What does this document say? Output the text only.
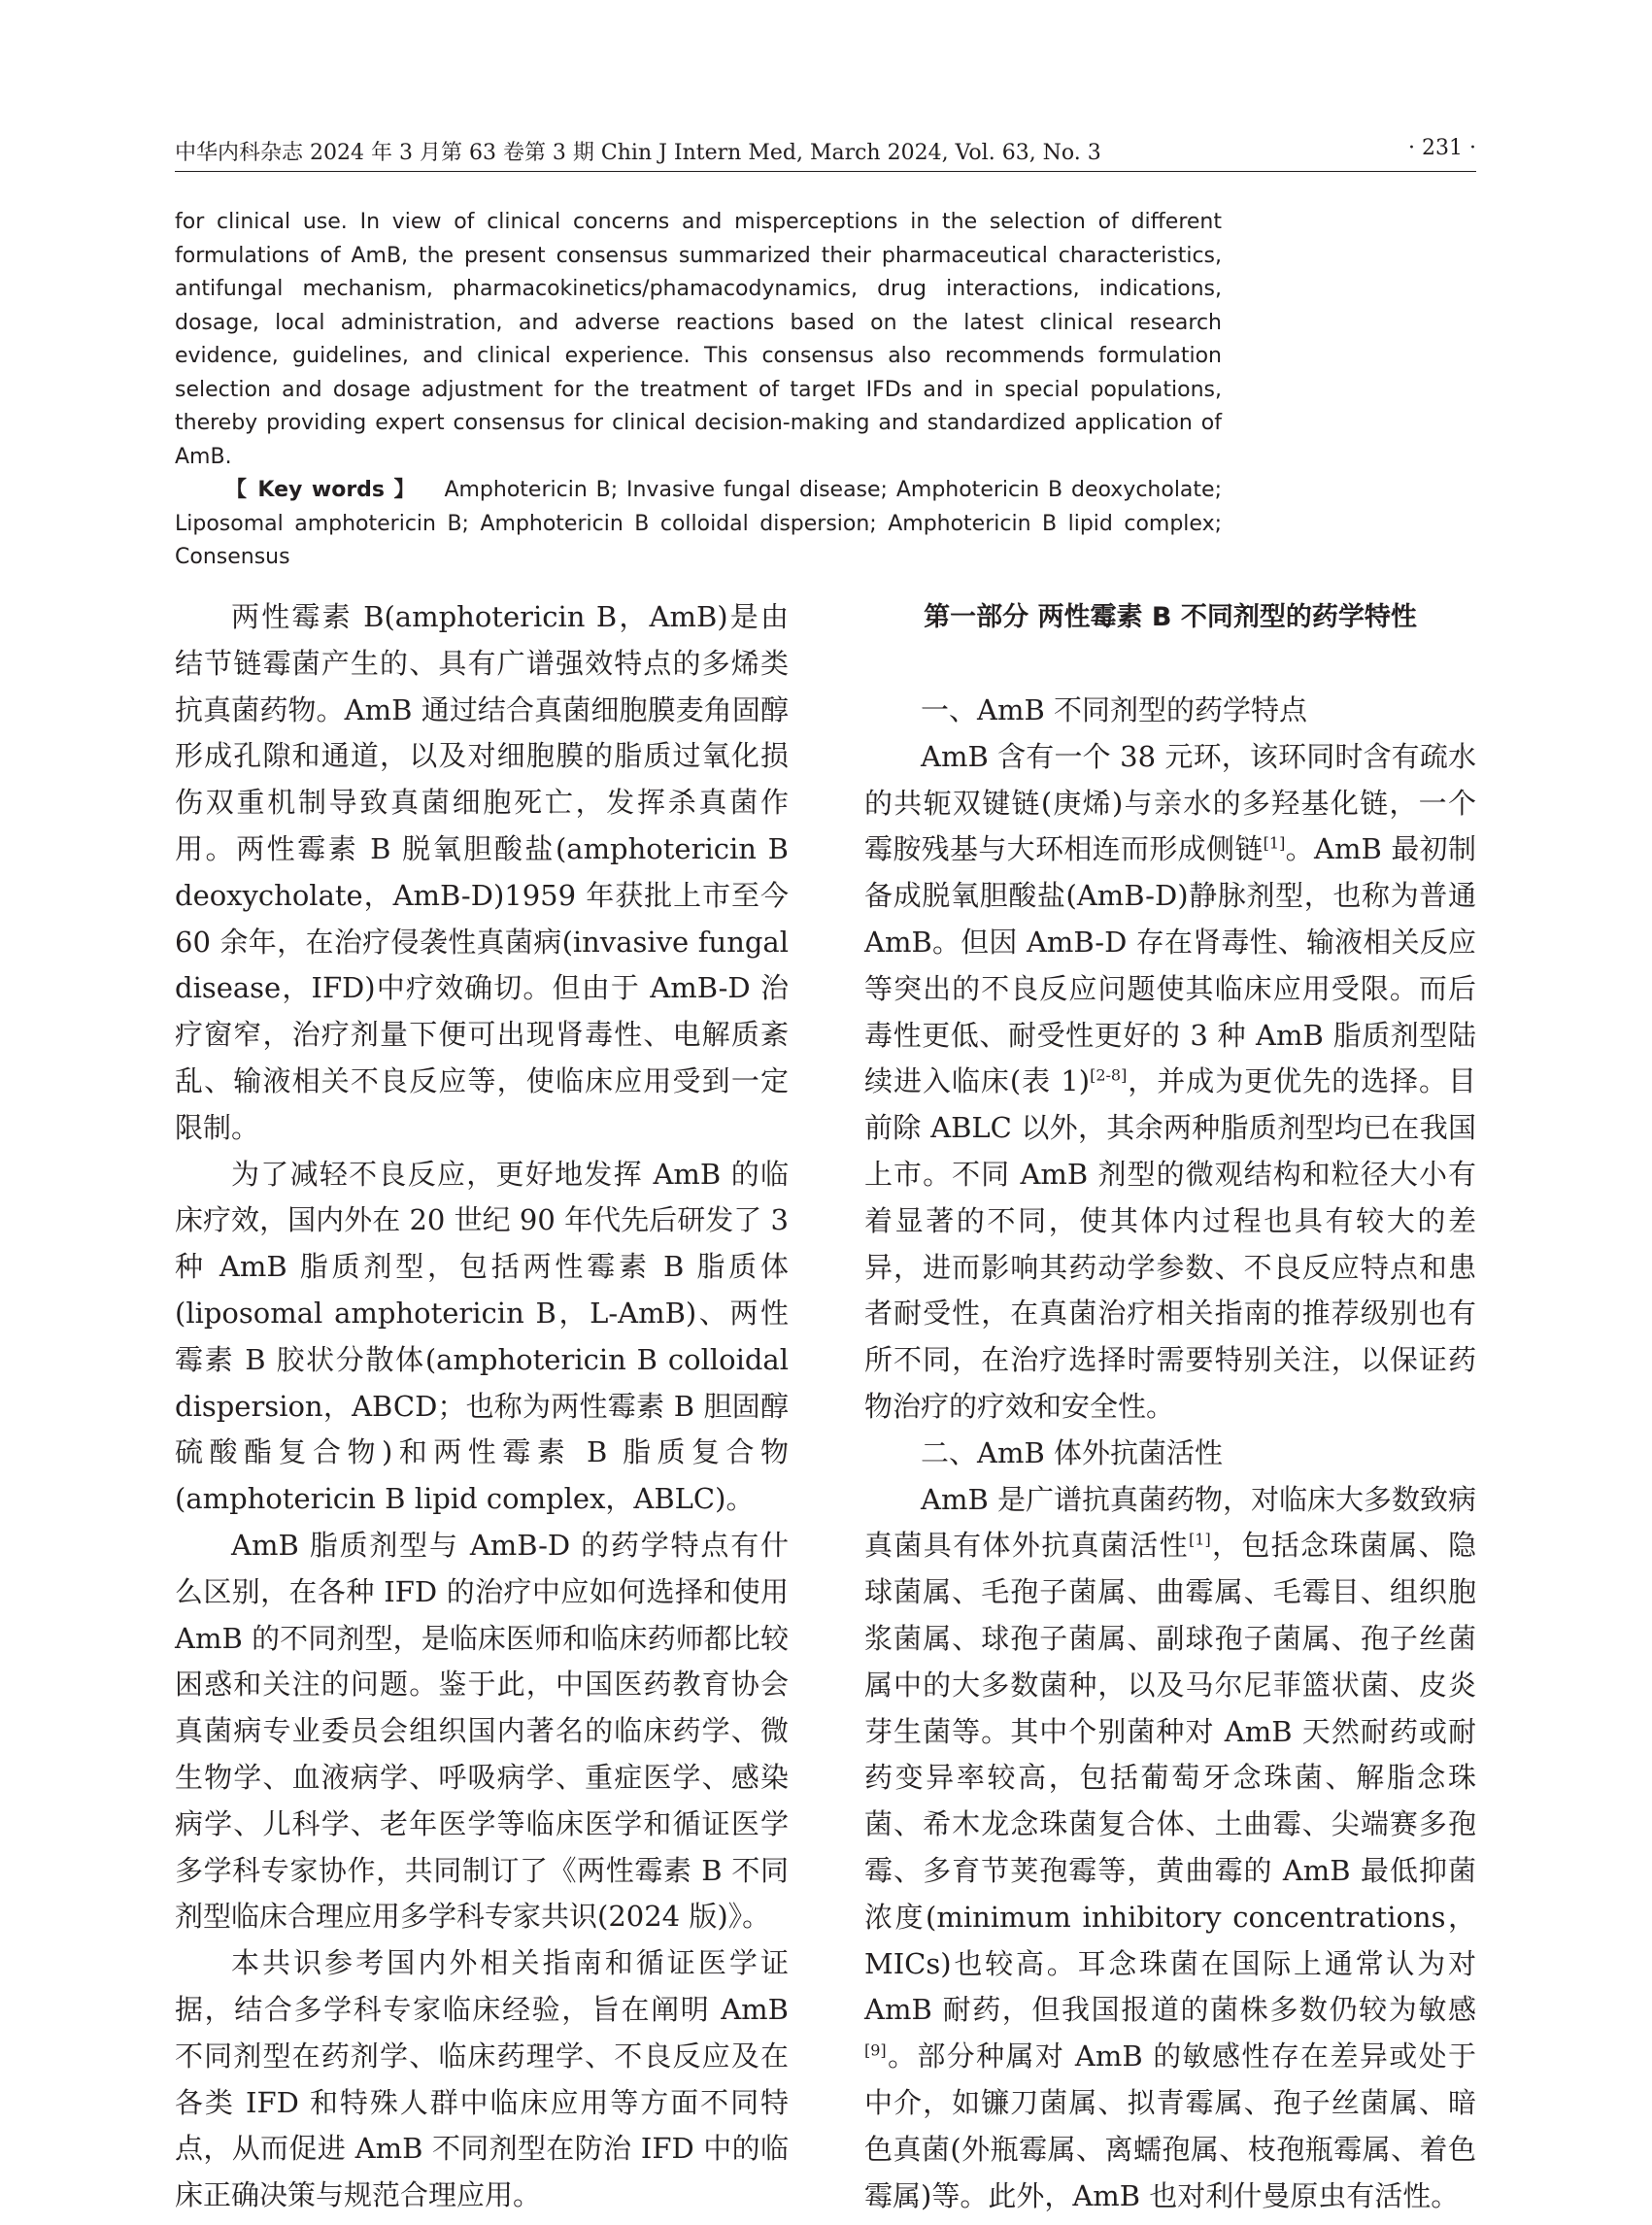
中华内科杂志 2024 年 3 月第 63 卷第 3 期 Chin J Intern Med, March 2024, Vol. 63, No. 3	· 231 ·

for clinical use. In view of clinical concerns and misperceptions in the selection of different formulations of AmB, the present consensus summarized their pharmaceutical characteristics, antifungal mechanism, pharmacokinetics/phamacodynamics, drug interactions, indications, dosage, local administration, and adverse reactions based on the latest clinical research evidence, guidelines, and clinical experience. This consensus also recommends formulation selection and dosage adjustment for the treatment of target IFDs and in special populations, thereby providing expert consensus for clinical decision-making and standardized application of AmB.

【 Key words 】 Amphotericin B; Invasive fungal disease; Amphotericin B deoxycholate; Liposomal amphotericin B; Amphotericin B colloidal dispersion; Amphotericin B lipid complex; Consensus

两性霉素 B(amphotericin B，AmB)是由结节链霉菌产生的、具有广谱强效特点的多烯类抗真菌药物。AmB 通过结合真菌细胞膜麦角固醇形成孔隙和通道，以及对细胞膜的脂质过氧化损伤双重机制导致真菌细胞死亡，发挥杀真菌作用。两性霉素 B 脱氧胆酸盐(amphotericin B deoxycholate，AmB-D)1959 年获批上市至今 60 余年，在治疗侵袭性真菌病(invasive fungal disease，IFD)中疗效确切。但由于 AmB-D 治疗窗窄，治疗剂量下便可出现肾毒性、电解质紊乱、输液相关不良反应等，使临床应用受到一定限制。

为了减轻不良反应，更好地发挥 AmB 的临床疗效，国内外在 20 世纪 90 年代先后研发了 3 种 AmB 脂质剂型，包括两性霉素 B 脂质体(liposomal amphotericin B，L-AmB)、两性霉素 B 胶状分散体(amphotericin B colloidal dispersion，ABCD；也称为两性霉素 B 胆固醇硫酸酯复合物)和两性霉素 B 脂质复合物(amphotericin B lipid complex，ABLC)。

AmB 脂质剂型与 AmB-D 的药学特点有什么区别，在各种 IFD 的治疗中应如何选择和使用 AmB 的不同剂型，是临床医师和临床药师都比较困惑和关注的问题。鉴于此，中国医药教育协会真菌病专业委员会组织国内著名的临床药学、微生物学、血液病学、呼吸病学、重症医学、感染病学、儿科学、老年医学等临床医学和循证医学多学科专家协作，共同制订了《两性霉素 B 不同剂型临床合理应用多学科专家共识(2024 版)》。

本共识参考国内外相关指南和循证医学证据，结合多学科专家临床经验，旨在阐明 AmB 不同剂型在药剂学、临床药理学、不良反应及在各类 IFD 和特殊人群中临床应用等方面不同特点，从而促进 AmB 不同剂型在防治 IFD 中的临床正确决策与规范合理应用。

第一部分 两性霉素 B 不同剂型的药学特性

一、AmB 不同剂型的药学特点

AmB 含有一个 38 元环，该环同时含有疏水的共轭双键链(庚烯)与亲水的多羟基化链，一个霉胺残基与大环相连而形成侧链[1]。AmB 最初制备成脱氧胆酸盐(AmB-D)静脉剂型，也称为普通 AmB。但因 AmB-D 存在肾毒性、输液相关反应等突出的不良反应问题使其临床应用受限。而后毒性更低、耐受性更好的 3 种 AmB 脂质剂型陆续进入临床(表 1)[2-8]，并成为更优先的选择。目前除 ABLC 以外，其余两种脂质剂型均已在我国上市。不同 AmB 剂型的微观结构和粒径大小有着显著的不同，使其体内过程也具有较大的差异，进而影响其药动学参数、不良反应特点和患者耐受性，在真菌治疗相关指南的推荐级别也有所不同，在治疗选择时需要特别关注，以保证药物治疗的疗效和安全性。

二、AmB 体外抗菌活性

AmB 是广谱抗真菌药物，对临床大多数致病真菌具有体外抗真菌活性[1]，包括念珠菌属、隐球菌属、毛孢子菌属、曲霉属、毛霉目、组织胞浆菌属、球孢子菌属、副球孢子菌属、孢子丝菌属中的大多数菌种，以及马尔尼菲篮状菌、皮炎芽生菌等。其中个别菌种对 AmB 天然耐药或耐药变异率较高，包括葡萄牙念珠菌、解脂念珠菌、希木龙念珠菌复合体、土曲霉、尖端赛多孢霉、多育节荚孢霉等，黄曲霉的 AmB 最低抑菌浓度(minimum inhibitory concentrations，MICs)也较高。耳念珠菌在国际上通常认为对 AmB 耐药，但我国报道的菌株多数仍较为敏感[9]。部分种属对 AmB 的敏感性存在差异或处于中介，如镰刀菌属、拟青霉属、孢子丝菌属、暗色真菌(外瓶霉属、离蠕孢属、枝孢瓶霉属、着色霉属)等。此外，AmB 也对利什曼原虫有活性。
